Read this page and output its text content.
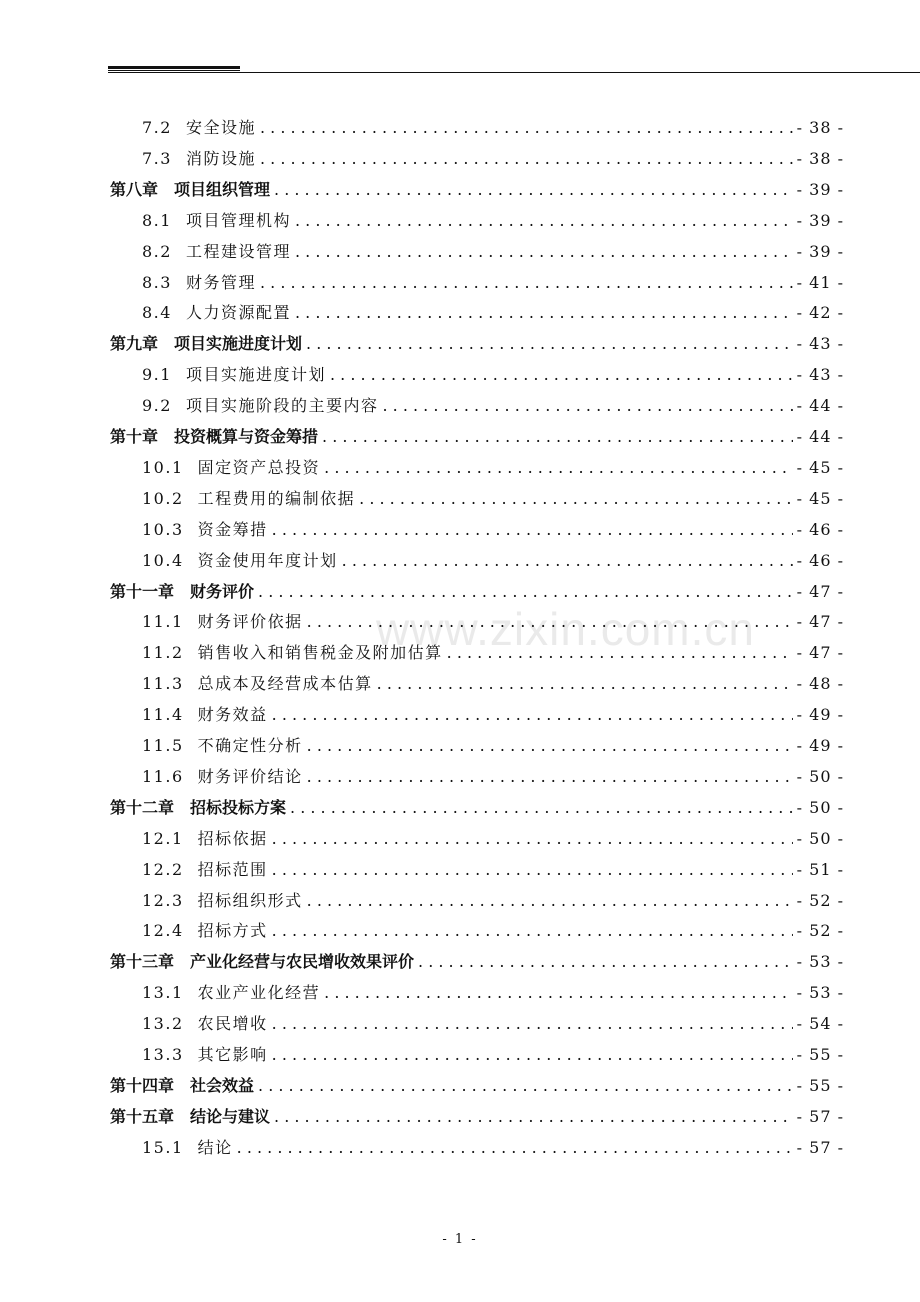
www.zixin.com.cn
7.2 安全设施 . . .	- 38 -
7.3 消防设施 . . .	- 38 -
第八章 项目组织管理 . . .	- 39 -
8.1 项目管理机构 . . .	- 39 -
8.2 工程建设管理 . . .	- 39 -
8.3 财务管理 . . .	- 41 -
8.4 人力资源配置 . . .	- 42 -
第九章 项目实施进度计划 . . .	- 43 -
9.1 项目实施进度计划 . . .	- 43 -
9.2 项目实施阶段的主要内容 . . .	- 44 -
第十章 投资概算与资金筹措 . . .	- 44 -
10.1 固定资产总投资 . . .	- 45 -
10.2 工程费用的编制依据 . . .	- 45 -
10.3 资金筹措 . . .	- 46 -
10.4 资金使用年度计划 . . .	- 46 -
第十一章 财务评价 . . .	- 47 -
11.1 财务评价依据 . . .	- 47 -
11.2 销售收入和销售税金及附加估算 . . .	- 47 -
11.3 总成本及经营成本估算 . . .	- 48 -
11.4 财务效益 . . .	- 49 -
11.5 不确定性分析 . . .	- 49 -
11.6 财务评价结论 . . .	- 50 -
第十二章 招标投标方案 . . .	- 50 -
12.1 招标依据 . . .	- 50 -
12.2 招标范围 . . .	- 51 -
12.3 招标组织形式 . . .	- 52 -
12.4 招标方式 . . .	- 52 -
第十三章 产业化经营与农民增收效果评价 . . .	- 53 -
13.1 农业产业化经营 . . .	- 53 -
13.2 农民增收 . . .	- 54 -
13.3 其它影响 . . .	- 55 -
第十四章 社会效益 . . .	- 55 -
第十五章 结论与建议 . . .	- 57 -
15.1 结论 . . .	- 57 -
- 1 -
